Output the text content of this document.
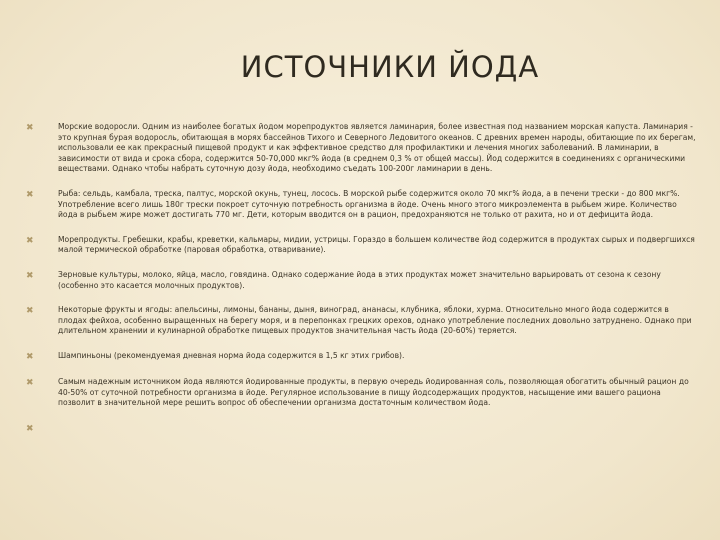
ИСТОЧНИКИ ЙОДА
✖	Морские водоросли. Одним из наиболее богатых йодом морепродуктов является ламинария, более известная под названием морская капуста. Ламинария - это крупная бурая водоросль, обитающая в морях бассейнов Тихого и Северного Ледовитого океанов. С древних времен народы, обитающие по их берегам, использовали ее как прекрасный пищевой продукт и как эффективное средство для профилактики и лечения многих заболеваний. В ламинарии, в зависимости от вида и срока сбора, содержится 50-70,000 мкг% йода (в среднем 0,3 % от общей массы). Йод содержится в соединениях с органическими веществами. Однако чтобы набрать суточную дозу йода, необходимо съедать 100-200г ламинарии в день.
✖	Рыба: сельдь, камбала, треска, палтус, морской окунь, тунец, лосось. В морской рыбе содержится около 70 мкг% йода, а в печени трески - до 800 мкг%. Употребление всего лишь 180г трески покроет суточную потребность организма в йоде. Очень много этого микроэлемента в рыбьем жире. Количество йода в рыбьем жире может достигать 770 мг. Дети, которым вводится он в рацион, предохраняются не только от рахита, но и от дефицита йода.
✖	Морепродукты. Гребешки, крабы, креветки, кальмары, мидии, устрицы. Гораздо в большем количестве йод содержится в продуктах сырых и подвергшихся малой термической обработке (паровая обработка, отваривание).
✖	Зерновые культуры, молоко, яйца, масло, говядина. Однако содержание йода в этих продуктах может значительно варьировать от сезона к сезону (особенно это касается молочных продуктов).
✖	Некоторые фрукты и ягоды: апельсины, лимоны, бананы, дыня, виноград, ананасы, клубника, яблоки, хурма. Относительно много йода содержится в плодах фейхоа, особенно выращенных на берегу моря, и в перепонках грецких орехов, однако употребление последних довольно затруднено. Однако при длительном хранении и кулинарной обработке пищевых продуктов значительная часть йода (20-60%) теряется.
✖	Шампиньоны (рекомендуемая дневная норма йода содержится в 1,5 кг этих грибов).
✖	Самым надежным источником йода являются йодированные продукты, в первую очередь йодированная соль, позволяющая обогатить обычный рацион до 40-50% от суточной потребности организма в йоде. Регулярное использование в пищу йодсодержащих продуктов, насыщение ими вашего рациона позволит в значительной мере решить вопрос об обеспечении организма достаточным количеством йода.
✖
